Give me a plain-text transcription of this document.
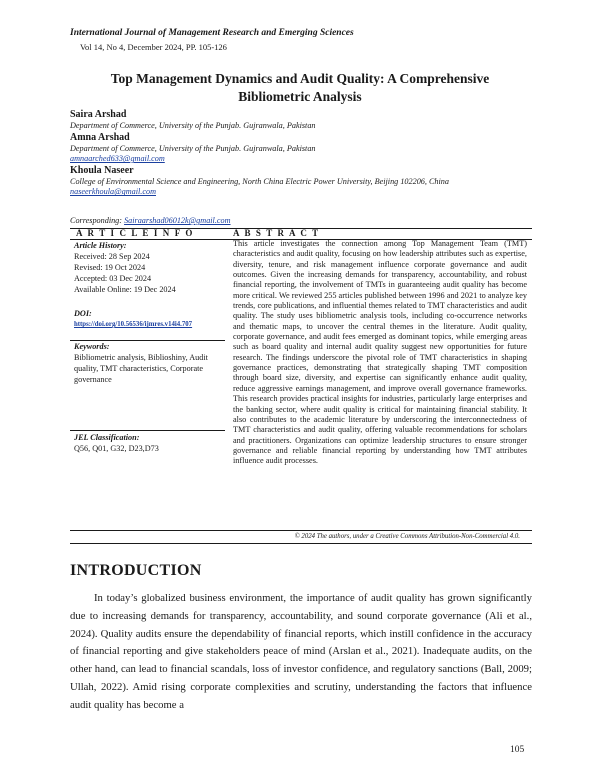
International Journal of Management Research and Emerging Sciences
Vol 14, No 4, December 2024, PP. 105-126
Top Management Dynamics and Audit Quality: A Comprehensive
Bibliometric Analysis
Saira Arshad
Department of Commerce, University of the Punjab. Gujranwala, Pakistan
Amna Arshad
Department of Commerce, University of the Punjab. Gujranwala, Pakistan
amnaarched633@gmail.com
Khoula Naseer
College of Environmental Science and Engineering, North China Electric Power University, Beijing 102206, China
naseerkhoula@gmail.com
Corresponding: Sairaarshad06012k@gmail.com
A R T I C L E I N F O	A B S T R A C T
Article History:
Received: 28 Sep 2024
Revised: 19 Oct 2024
Accepted: 03 Dec 2024
Available Online: 19 Dec 2024
DOI:
https://doi.org/10.56536/ijmres.v14i4.707
Keywords:
Bibliometric analysis, Biblioshiny, Audit quality, TMT characteristics, Corporate governance
JEL Classification:
Q56, Q01, G32, D23,D73
This article investigates the connection among Top Management Team (TMT) characteristics and audit quality, focusing on how leadership attributes such as expertise, diversity, tenure, and risk management influence corporate governance and audit outcomes. Given the increasing demands for transparency, accountability, and robust financial reporting, the involvement of TMTs in guaranteeing audit quality has become more critical. We reviewed 255 articles published between 1996 and 2021 to analyze key trends, core publications, and influential themes related to TMT characteristics and audit quality. The study uses bibliometric analysis tools, including co-occurrence networks and thematic maps, to uncover the central themes in the literature. Audit quality, corporate governance, and audit fees emerged as dominant topics, while emerging areas such as board quality and internal audit quality suggest new opportunities for future research. The findings underscore the pivotal role of TMT characteristics in shaping governance practices, demonstrating that strategically shaping TMT composition through board size, diversity, and expertise can significantly enhance audit quality, reduce aggressive earnings management, and improve overall governance frameworks. This research provides practical insights for industries, particularly large enterprises and the banking sector, where audit quality is critical for maintaining financial stability. It also contributes to the academic literature by underscoring the interconnectedness of TMT characteristics and audit quality, offering valuable recommendations for scholars and practitioners. Organizations can optimize leadership structures to ensure stronger governance and reliable financial reporting by understanding how TMT attributes influence audit processes.
© 2024 The authors, under a Creative Commons Attribution-Non-Commercial 4.0.
INTRODUCTION
In today’s globalized business environment, the importance of audit quality has grown significantly due to increasing demands for transparency, accountability, and sound corporate governance (Ali et al., 2024). Quality audits ensure the dependability of financial reports, which instill confidence in the accuracy of financial reporting and give stakeholders peace of mind (Arslan et al., 2021). Inadequate audits, on the other hand, can lead to financial scandals, loss of investor confidence, and regulatory sanctions (Ball, 2009; Ullah, 2022). Amid rising corporate complexities and scrutiny, understanding the factors that influence audit quality has become a
105
